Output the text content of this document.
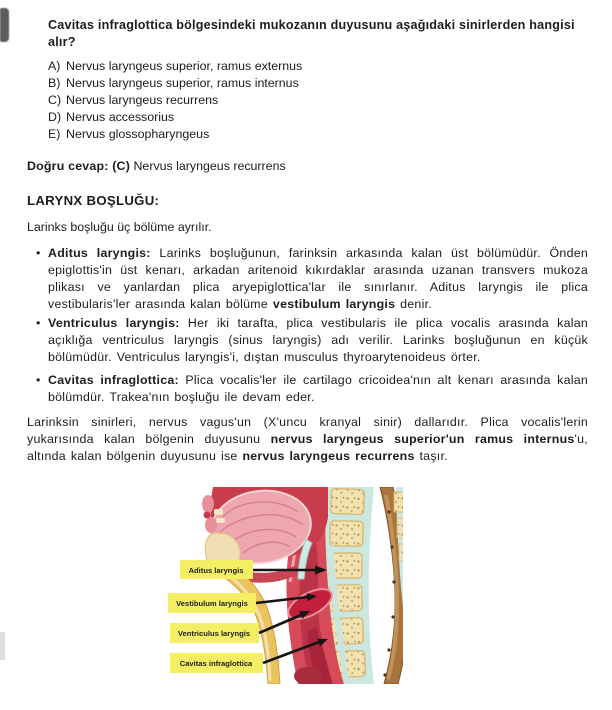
Cavitas infraglottica bölgesindeki mukozanın duyusunu aşağıdaki sinirlerden hangisi alır?
A) Nervus laryngeus superior, ramus externus
B) Nervus laryngeus superior, ramus internus
C) Nervus laryngeus recurrens
D) Nervus accessorius
E) Nervus glossopharyngeus
Doğru cevap: (C) Nervus laryngeus recurrens
LARYNX BOŞLUĞU:
Larinks boşluğu üç bölüme ayrılır.
• Aditus laryngis: Larinks boşluğunun, farinksin arkasında kalan üst bölümüdür. Önden epiglottis'in üst kenarı, arkadan aritenoid kıkırdaklar arasında uzanan transvers mukoza plikası ve yanlardan plica aryepiglottica'lar ile sınırlanır. Aditus laryngis ile plica vestibularis'ler arasında kalan bölüme vestibulum laryngis denir.
• Ventriculus laryngis: Her iki tarafta, plica vestibularis ile plica vocalis arasında kalan açıklığa ventriculus laryngis (sinus laryngis) adı verilir. Larinks boşluğunun en küçük bölümüdür. Ventriculus laryngis'i, dıştan musculus thyroarytenoideus örter.
• Cavitas infraglottica: Plica vocalis'ler ile cartilago cricoidea'nın alt kenarı arasında kalan bölümdür. Trakea'nın boşluğu ile devam eder.

Larinksin sinirleri, nervus vagus'un (X'uncu kranyal sinir) dallarıdır. Plica vocalis'lerin yukarısında kalan bölgenin duyusunu nervus laryngeus superior'un ramus internus'u, altında kalan bölgenin duyusunu ise nervus laryngeus recurrens taşır.

Aditus laryngis
Vestibulum laryngis
Ventriculus laryngis
Cavitas infraglottica
